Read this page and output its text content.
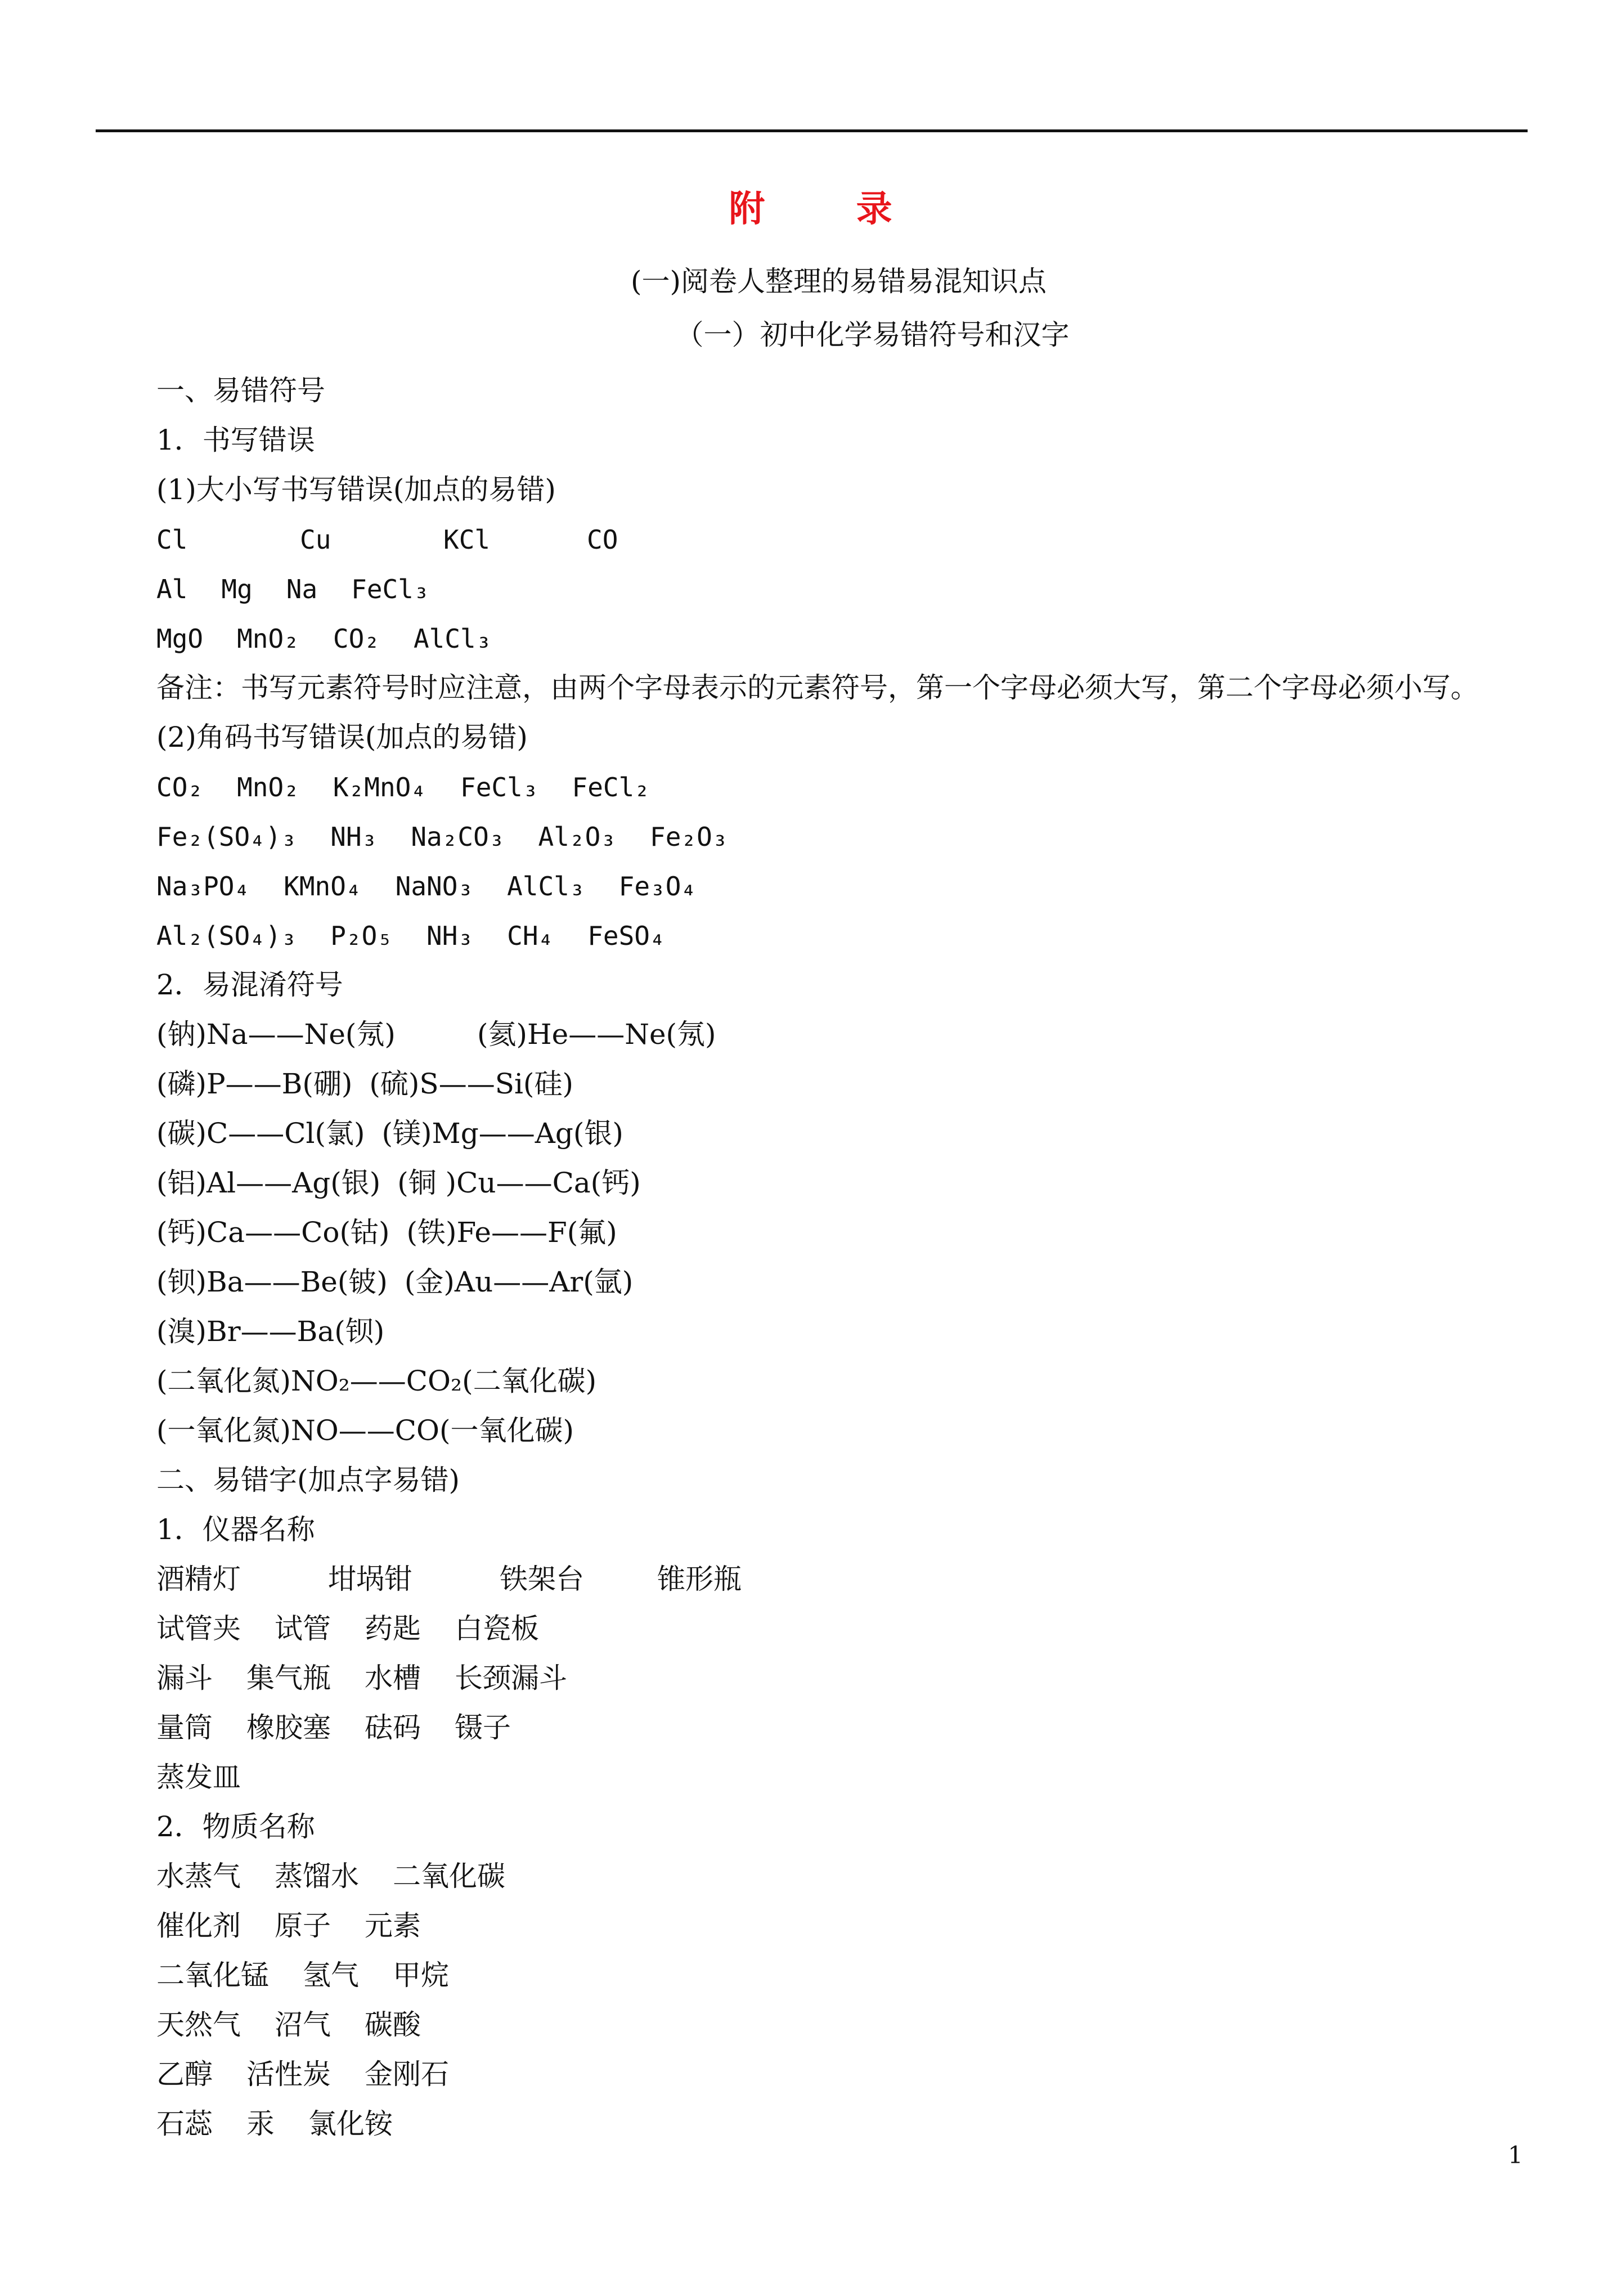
附 录
(一)阅卷人整理的易错易混知识点
（一）初中化学易错符号和汉字
一、易错符号
1．书写错误
(1)大小写书写错误(加点的易错)
Cl	Cu	KCl	CO
Al Mg Na FeCl₃
MgO MnO₂ CO₂ AlCl₃
备注：书写元素符号时应注意，由两个字母表示的元素符号，第一个字母必须大写，第二个字母必须小写。
(2)角码书写错误(加点的易错)
CO₂ MnO₂ K₂MnO₄ FeCl₃ FeCl₂
Fe₂(SO₄)₃ NH₃ Na₂CO₃ Al₂O₃ Fe₂O₃
Na₃PO₄ KMnO₄ NaNO₃ AlCl₃ Fe₃O₄
Al₂(SO₄)₃ P₂O₅ NH₃ CH₄ FeSO₄
2．易混淆符号
(钠)Na——Ne(氖)	(氦)He——Ne(氖)
(磷)P——B(硼) (硫)S——Si(硅)
(碳)C——Cl(氯) (镁)Mg——Ag(银)
(铝)Al——Ag(银) (铜 )Cu——Ca(钙)
(钙)Ca——Co(钴) (铁)Fe——F(氟)
(钡)Ba——Be(铍) (金)Au——Ar(氩)
(溴)Br——Ba(钡)
(二氧化氮)NO₂——CO₂(二氧化碳)
(一氧化氮)NO——CO(一氧化碳)
二、易错字(加点字易错)
1．仪器名称
酒精灯	坩埚钳	铁架台	锥形瓶
试管夹 试管 药匙 白瓷板
漏斗 集气瓶 水槽 长颈漏斗
量筒 橡胶塞 砝码 镊子
蒸发皿
2．物质名称
水蒸气 蒸馏水 二氧化碳
催化剂 原子 元素
二氧化锰 氢气 甲烷
天然气 沼气 碳酸
乙醇 活性炭 金刚石
石蕊 汞 氯化铵
1
